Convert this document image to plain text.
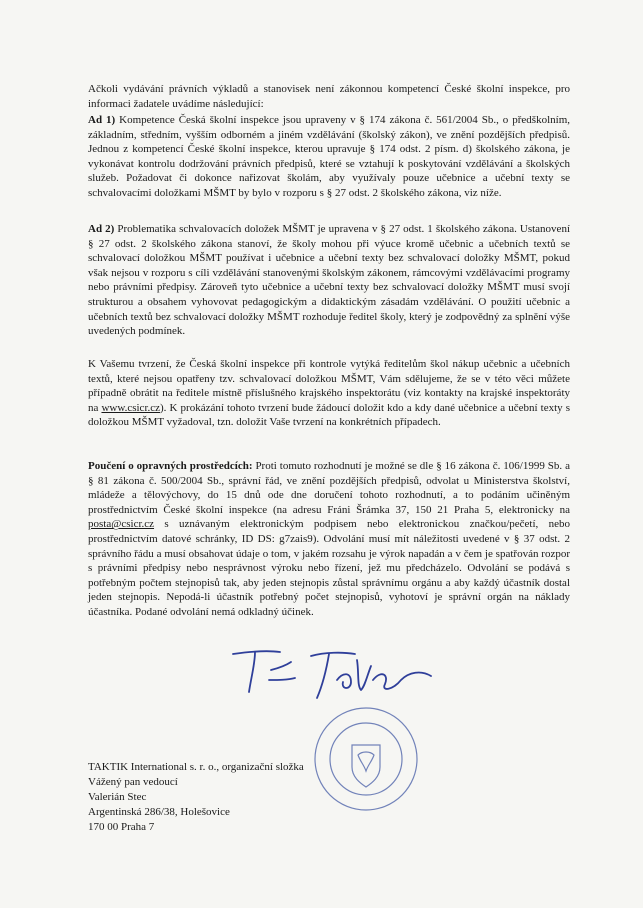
Ačkoli vydávání právních výkladů a stanovisek není zákonnou kompetencí České školní inspekce, pro informaci žadatele uvádíme následující:

Ad 1) Kompetence Česká školní inspekce jsou upraveny v § 174 zákona č. 561/2004 Sb., o předškolním, základním, středním, vyšším odborném a jiném vzdělávání (školský zákon), ve znění pozdějších předpisů. Jednou z kompetencí České školní inspekce, kterou upravuje § 174 odst. 2 písm. d) školského zákona, je vykonávat kontrolu dodržování právních předpisů, které se vztahují k poskytování vzdělávání a školských služeb. Požadovat či dokonce nařizovat školám, aby využívaly pouze učebnice a učební texty se schvalovacími doložkami MŠMT by bylo v rozporu s § 27 odst. 2 školského zákona, viz níže.

Ad 2) Problematika schvalovacích doložek MŠMT je upravena v § 27 odst. 1 školského zákona. Ustanovení § 27 odst. 2 školského zákona stanoví, že školy mohou při výuce kromě učebnic a učebních textů se schvalovací doložkou MŠMT používat i učebnice a učební texty bez schvalovací doložky MŠMT, pokud však nejsou v rozporu s cíli vzdělávání stanovenými školským zákonem, rámcovými vzdělávacími programy nebo právními předpisy. Zároveň tyto učebnice a učební texty bez schvalovací doložky MŠMT musí svojí strukturou a obsahem vyhovovat pedagogickým a didaktickým zásadám vzdělávání. O použití učebnic a učebních textů bez schvalovací doložky MŠMT rozhoduje ředitel školy, který je zodpovědný za splnění výše uvedených podmínek.

K Vašemu tvrzení, že Česká školní inspekce při kontrole vytýká ředitelům škol nákup učebnic a učebních textů, které nejsou opatřeny tzv. schvalovací doložkou MŠMT, Vám sdělujeme, že se v této věci můžete případně obrátit na ředitele místně příslušného krajského inspektorátu (viz kontakty na krajské inspektoráty na www.csicr.cz). K prokázání tohoto tvrzení bude žádoucí doložit kdo a kdy dané učebnice a učební texty s doložkou MŠMT vyžadoval, tzn. doložit Vaše tvrzení na konkrétních případech.

Poučení o opravných prostředcích: Proti tomuto rozhodnutí je možné se dle § 16 zákona č. 106/1999 Sb. a § 81 zákona č. 500/2004 Sb., správní řád, ve znění pozdějších předpisů, odvolat u Ministerstva školství, mládeže a tělovýchovy, do 15 dnů ode dne doručení tohoto rozhodnutí, a to podáním učiněným prostřednictvím České školní inspekce (na adresu Fráni Šrámka 37, 150 21 Praha 5, elektronicky na posta@csicr.cz s uznávaným elektronickým podpisem nebo elektronickou značkou/pečetí, nebo prostřednictvím datové schránky, ID DS: g7zais9). Odvolání musí mít náležitosti uvedené v § 37 odst. 2 správního řádu a musí obsahovat údaje o tom, v jakém rozsahu je výrok napadán a v čem je spatřován rozpor s právními předpisy nebo nesprávnost výroku nebo řízení, jež mu předcházelo. Odvolání se podává s potřebným počtem stejnopisů tak, aby jeden stejnopis zůstal správnímu orgánu a aby každý účastník dostal jeden stejnopis. Nepodá-li účastník potřebný počet stejnopisů, vyhotoví je správní orgán na náklady účastníka. Podané odvolání nemá odkladný účinek.

TAKTIK International s. r. o., organizační složka
Vážený pan vedoucí
Valerián Stec
Argentinská 286/38, Holešovice
170 00 Praha 7
